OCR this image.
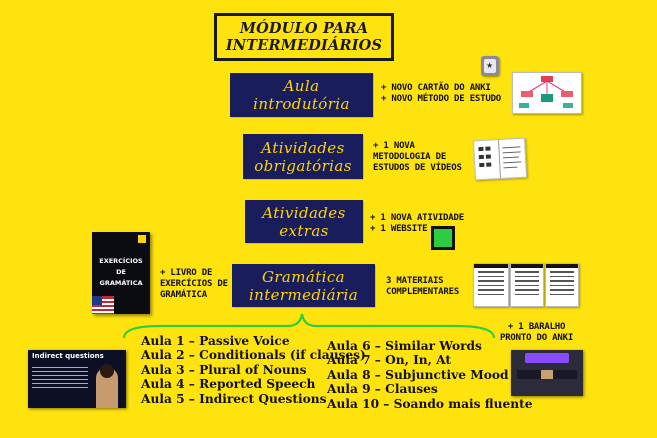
MÓDULO PARA
INTERMEDIÁRIOS
Aula
introdutória
Atividades
obrigatórias
Atividades
extras
Gramática
intermediária
+ NOVO CARTÃO DO ANKI
+ NOVO MÉTODO DE ESTUDO
+ 1 NOVA
METODOLOGIA DE
ESTUDOS DE VÍDEOS
+ 1 NOVA ATIVIDADE
+ 1 WEBSITE
+ LIVRO DE
EXERCÍCIOS DE
GRAMÁTICA
3 MATERIAIS
COMPLEMENTARES
+ 1 BARALHO
PRONTO DO ANKI
★
EXERCÍCIOS
DE
GRAMÁTICA
Aula 1 – Passive Voice
Aula 2 – Conditionals (if clauses)
Aula 3 – Plural of Nouns
Aula 4 – Reported Speech
Aula 5 – Indirect Questions
Aula 6 – Similar Words
Aula 7 – On, In, At
Aula 8 – Subjunctive Mood
Aula 9 – Clauses
Aula 10 – Soando mais fluente
Indirect questions
